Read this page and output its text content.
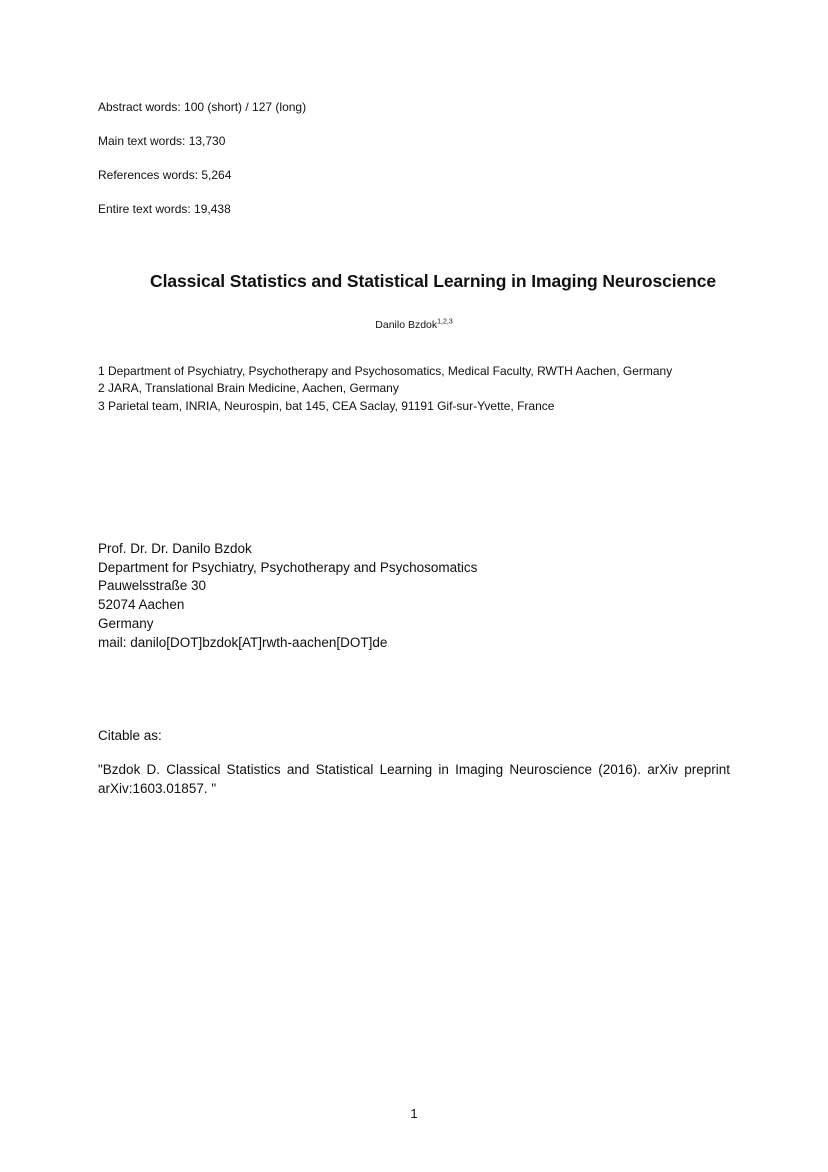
Abstract words: 100 (short) / 127 (long)
Main text words: 13,730
References words: 5,264
Entire text words: 19,438
Classical Statistics and Statistical Learning in Imaging Neuroscience
Danilo Bzdok$^{1,2,3}$
1 Department of Psychiatry, Psychotherapy and Psychosomatics, Medical Faculty, RWTH Aachen, Germany
2 JARA, Translational Brain Medicine, Aachen, Germany
3 Parietal team, INRIA, Neurospin, bat 145, CEA Saclay, 91191 Gif-sur-Yvette, France
Prof. Dr. Dr. Danilo Bzdok
Department for Psychiatry, Psychotherapy and Psychosomatics
Pauwelsstraße 30
52074 Aachen
Germany
mail: danilo[DOT]bzdok[AT]rwth-aachen[DOT]de
Citable as:
"Bzdok D. Classical Statistics and Statistical Learning in Imaging Neuroscience (2016). arXiv preprint arXiv:1603.01857. "
1
